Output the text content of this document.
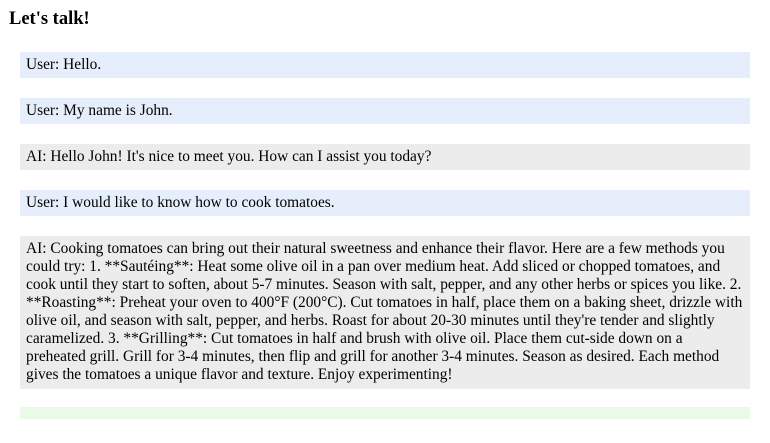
Let's talk!
User: Hello.
User: My name is John.
AI: Hello John! It's nice to meet you. How can I assist you today?
User: I would like to know how to cook tomatoes.
AI: Cooking tomatoes can bring out their natural sweetness and enhance their flavor. Here are a few methods you could try: 1. **Sautéing**: Heat some olive oil in a pan over medium heat. Add sliced or chopped tomatoes, and cook until they start to soften, about 5-7 minutes. Season with salt, pepper, and any other herbs or spices you like. 2. **Roasting**: Preheat your oven to 400°F (200°C). Cut tomatoes in half, place them on a baking sheet, drizzle with olive oil, and season with salt, pepper, and herbs. Roast for about 20-30 minutes until they're tender and slightly caramelized. 3. **Grilling**: Cut tomatoes in half and brush with olive oil. Place them cut-side down on a preheated grill. Grill for 3-4 minutes, then flip and grill for another 3-4 minutes. Season as desired. Each method gives the tomatoes a unique flavor and texture. Enjoy experimenting!
